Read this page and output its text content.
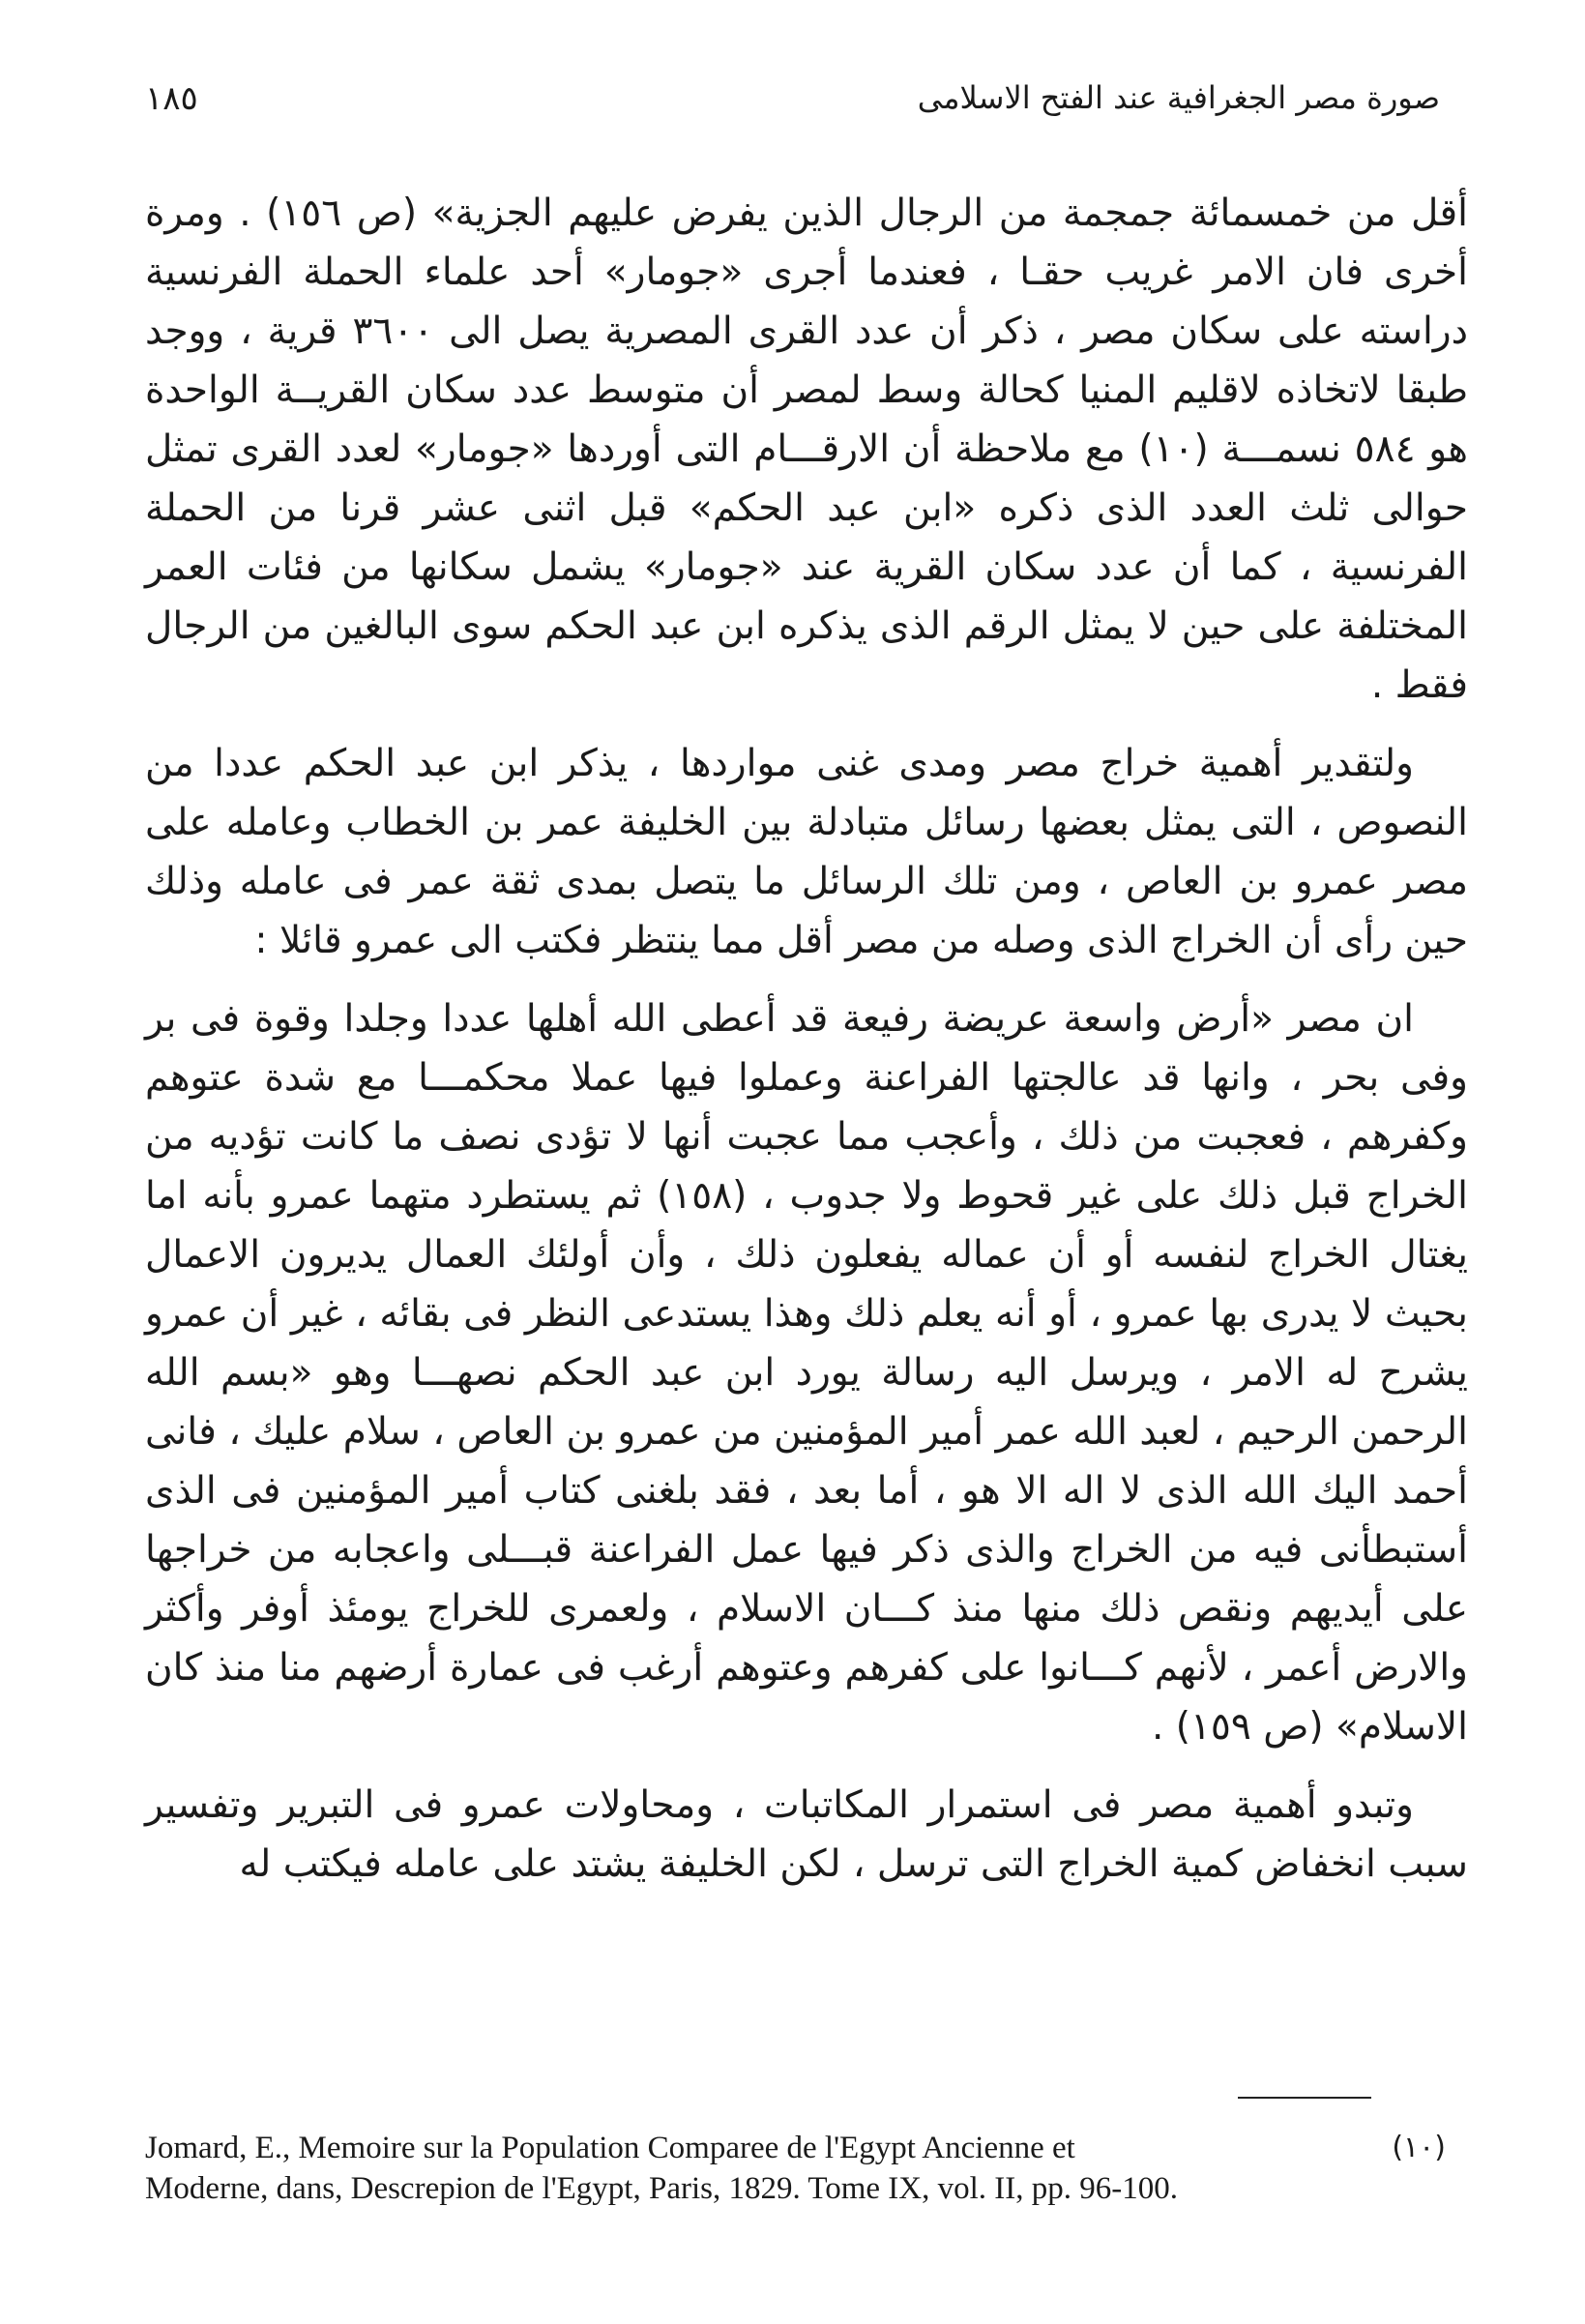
١٨٥	صورة مصر الجغرافية عند الفتح الاسلامى

أقل من خمسمائة جمجمة من الرجال الذين يفرض عليهم الجزية» (ص ١٥٦) . ومرة أخرى فان الامر غريب حقـا ، فعندما أجرى «جومار» أحد علماء الحملة الفرنسية دراسته على سكان مصر ، ذكر أن عدد القرى المصرية يصل الى ٣٦٠٠ قرية ، ووجد طبقا لاتخاذه لاقليم المنيا كحالة وسط لمصر أن متوسط عدد سكان القريــة الواحدة هو ٥٨٤ نسمـــة (١٠) مع ملاحظة أن الارقـــام التى أوردها «جومار» لعدد القرى تمثل حوالى ثلث العدد الذى ذكره «ابن عبد الحكم» قبل اثنى عشر قرنا من الحملة الفرنسية ، كما أن عدد سكان القرية عند «جومار» يشمل سكانها من فئات العمر المختلفة على حين لا يمثل الرقم الذى يذكره ابن عبد الحكم سوى البالغين من الرجال فقط .

ولتقدير أهمية خراج مصر ومدى غنى مواردها ، يذكر ابن عبد الحكم عددا من النصوص ، التى يمثل بعضها رسائل متبادلة بين الخليفة عمر بن الخطاب وعامله على مصر عمرو بن العاص ، ومن تلك الرسائل ما يتصل بمدى ثقة عمر فى عامله وذلك حين رأى أن الخراج الذى وصله من مصر أقل مما ينتظر فكتب الى عمرو قائلا :

ان مصر «أرض واسعة عريضة رفيعة قد أعطى الله أهلها عددا وجلدا وقوة فى بر وفى بحر ، وانها قد عالجتها الفراعنة وعملوا فيها عملا محكمـــا مع شدة عتوهم وكفرهم ، فعجبت من ذلك ، وأعجب مما عجبت أنها لا تؤدى نصف ما كانت تؤديه من الخراج قبل ذلك على غير قحوط ولا جدوب ، (١٥٨) ثم يستطرد متهما عمرو بأنه اما يغتال الخراج لنفسه أو أن عماله يفعلون ذلك ، وأن أولئك العمال يديرون الاعمال بحيث لا يدرى بها عمرو ، أو أنه يعلم ذلك وهذا يستدعى النظر فى بقائه ، غير أن عمرو يشرح له الامر ، ويرسل اليه رسالة يورد ابن عبد الحكم نصهـــا وهو «بسم الله الرحمن الرحيم ، لعبد الله عمر أمير المؤمنين من عمرو بن العاص ، سلام عليك ، فانى أحمد اليك الله الذى لا اله الا هو ، أما بعد ، فقد بلغنى كتاب أمير المؤمنين فى الذى أستبطأنى فيه من الخراج والذى ذكر فيها عمل الفراعنة قبـــلى واعجابه من خراجها على أيديهم ونقص ذلك منها منذ كـــان الاسلام ، ولعمرى للخراج يومئذ أوفر وأكثر والارض أعمر ، لأنهم كـــانوا على كفرهم وعتوهم أرغب فى عمارة أرضهم منا منذ كان الاسلام» (ص ١٥٩) .

وتبدو أهمية مصر فى استمرار المكاتبات ، ومحاولات عمرو فى التبرير وتفسير سبب انخفاض كمية الخراج التى ترسل ، لكن الخليفة يشتد على عامله فيكتب له

(١٠)
Jomard, E., Memoire sur la Population Comparee de l'Egypt Ancienne et
Moderne, dans, Descrepion de l'Egypt, Paris, 1829. Tome IX, vol. II, pp. 96-100.
